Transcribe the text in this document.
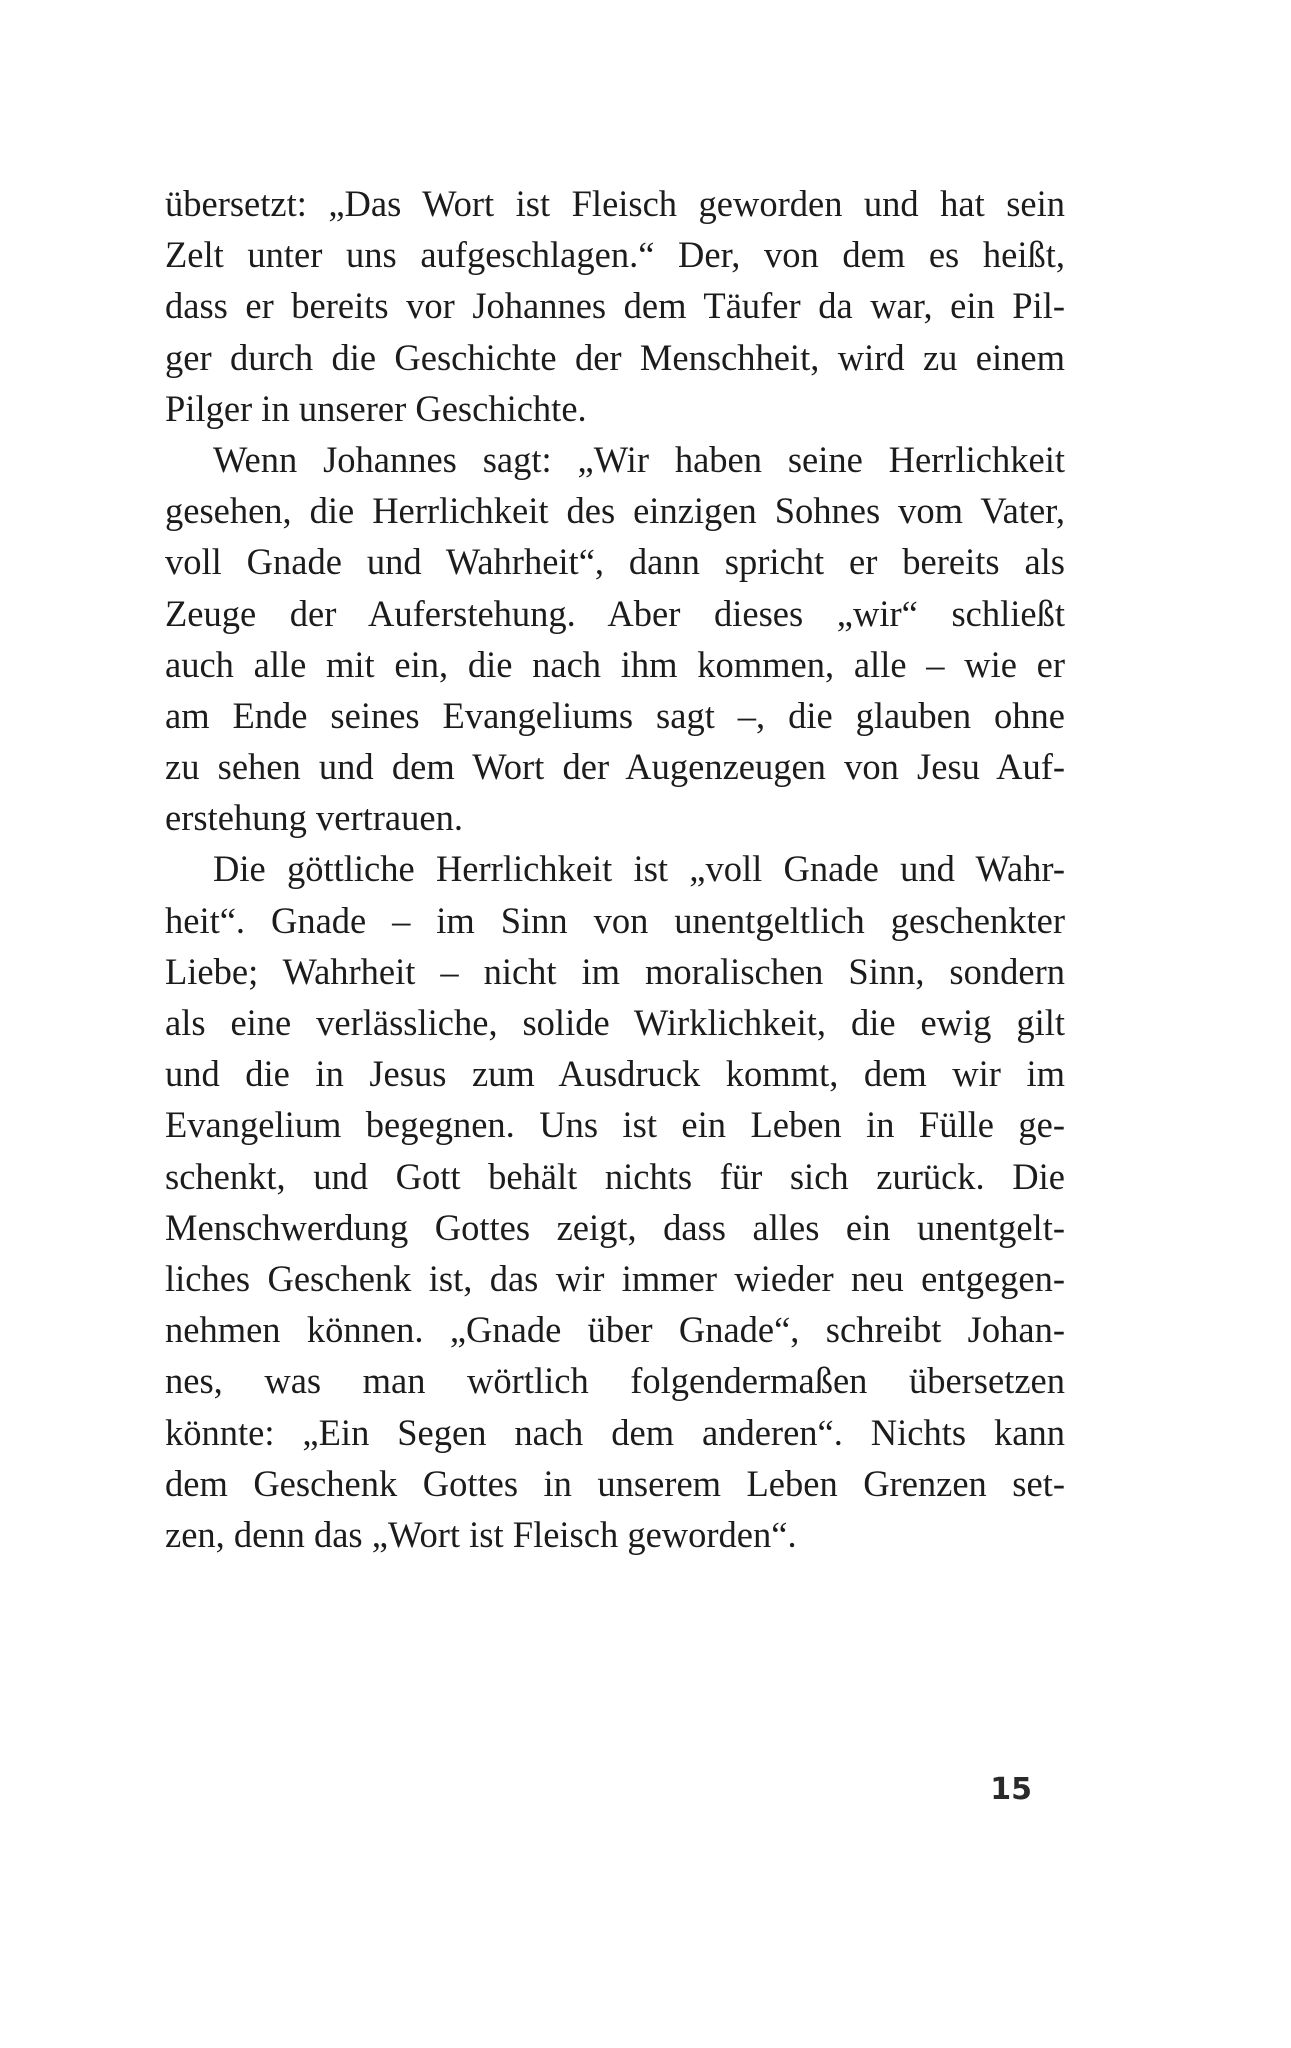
übersetzt: „Das Wort ist Fleisch geworden und hat sein
Zelt unter uns aufgeschlagen.“ Der, von dem es heißt,
dass er bereits vor Johannes dem Täufer da war, ein Pil-
ger durch die Geschichte der Menschheit, wird zu einem
Pilger in unserer Geschichte.
Wenn Johannes sagt: „Wir haben seine Herrlichkeit
gesehen, die Herrlichkeit des einzigen Sohnes vom Vater,
voll Gnade und Wahrheit“, dann spricht er bereits als
Zeuge der Auferstehung. Aber dieses „wir“ schließt
auch alle mit ein, die nach ihm kommen, alle – wie er
am Ende seines Evangeliums sagt –, die glauben ohne
zu sehen und dem Wort der Augenzeugen von Jesu Auf-
erstehung vertrauen.
Die göttliche Herrlichkeit ist „voll Gnade und Wahr-
heit“. Gnade – im Sinn von unentgeltlich geschenkter
Liebe; Wahrheit – nicht im moralischen Sinn, sondern
als eine verlässliche, solide Wirklichkeit, die ewig gilt
und die in Jesus zum Ausdruck kommt, dem wir im
Evangelium begegnen. Uns ist ein Leben in Fülle ge-
schenkt, und Gott behält nichts für sich zurück. Die
Menschwerdung Gottes zeigt, dass alles ein unentgelt-
liches Geschenk ist, das wir immer wieder neu entgegen-
nehmen können. „Gnade über Gnade“, schreibt Johan-
nes, was man wörtlich folgendermaßen übersetzen
könnte: „Ein Segen nach dem anderen“. Nichts kann
dem Geschenk Gottes in unserem Leben Grenzen set-
zen, denn das „Wort ist Fleisch geworden“.
15
